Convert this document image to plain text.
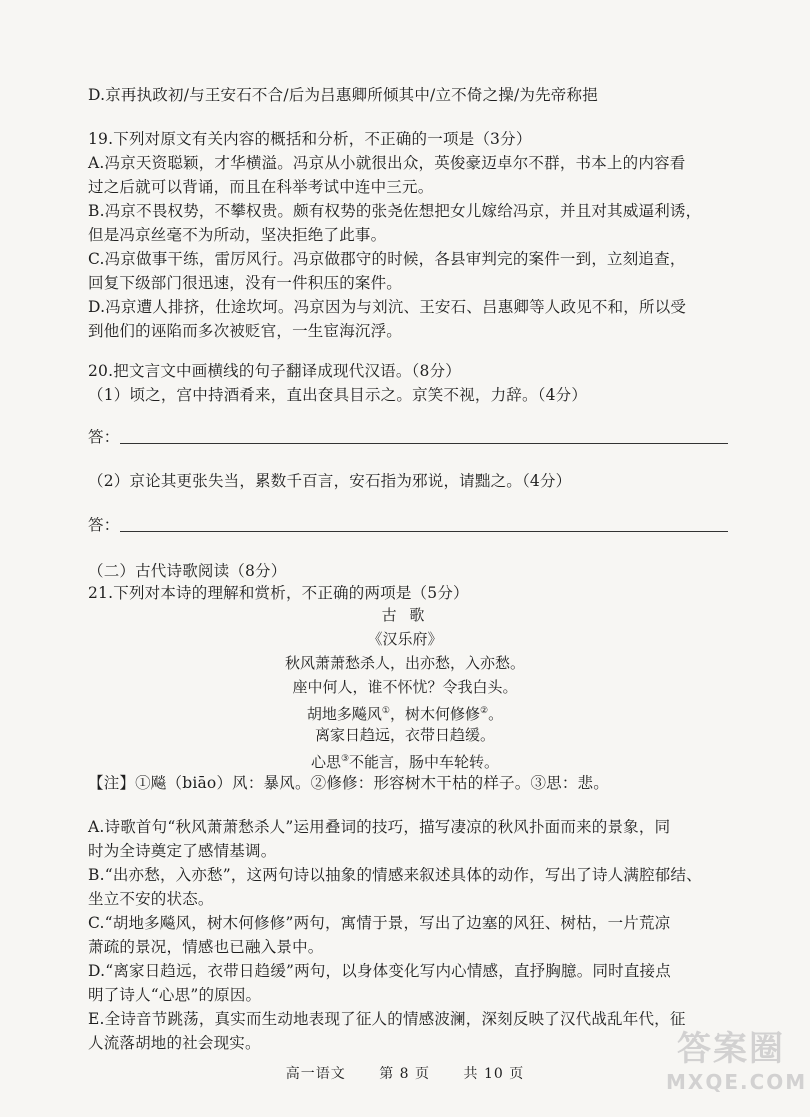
D.京再执政初/与王安石不合/后为吕惠卿所倾其中/立不倚之操/为先帝称挹
19.下列对原文有关内容的概括和分析，不正确的一项是（3分）
A.冯京天资聪颖，才华横溢。冯京从小就很出众，英俊豪迈卓尔不群，书本上的内容看
过之后就可以背诵，而且在科举考试中连中三元。
B.冯京不畏权势，不攀权贵。颇有权势的张尧佐想把女儿嫁给冯京，并且对其威逼利诱，
但是冯京丝毫不为所动，坚决拒绝了此事。
C.冯京做事干练，雷厉风行。冯京做郡守的时候，各县审判完的案件一到，立刻追查，
回复下级部门很迅速，没有一件积压的案件。
D.冯京遭人排挤，仕途坎坷。冯京因为与刘沆、王安石、吕惠卿等人政见不和，所以受
到他们的诬陷而多次被贬官，一生宦海沉浮。
20.把文言文中画横线的句子翻译成现代汉语。（8分）
（1）顷之，宫中持酒肴来，直出奁具目示之。京笑不视，力辞。（4分）
答：
（2）京论其更张失当，累数千百言，安石指为邪说，请黜之。（4分）
答：
（二）古代诗歌阅读（8分）
21.下列对本诗的理解和赏析，不正确的两项是（5分）
古 歌
《汉乐府》
秋风萧萧愁杀人，出亦愁，入亦愁。
座中何人，谁不怀忧？令我白头。
胡地多飚风①，树木何修修②。
离家日趋远，衣带日趋缓。
心思③不能言，肠中车轮转。
【注】①飚（biāo）风：暴风。②修修：形容树木干枯的样子。③思：悲。
A.诗歌首句“秋风萧萧愁杀人”运用叠词的技巧，描写凄凉的秋风扑面而来的景象，同
时为全诗奠定了感情基调。
B.“出亦愁，入亦愁”，这两句诗以抽象的情感来叙述具体的动作，写出了诗人满腔郁结、
坐立不安的状态。
C.“胡地多飚风，树木何修修”两句，寓情于景，写出了边塞的风狂、树枯，一片荒凉
萧疏的景况，情感也已融入景中。
D.“离家日趋远，衣带日趋缓”两句，以身体变化写内心情感，直抒胸臆。同时直接点
明了诗人“心思”的原因。
E.全诗音节跳荡，真实而生动地表现了征人的情感波澜，深刻反映了汉代战乱年代，征
人流落胡地的社会现实。
高一语文 第 8 页 共 10 页
答案圈
MXQE.COM
